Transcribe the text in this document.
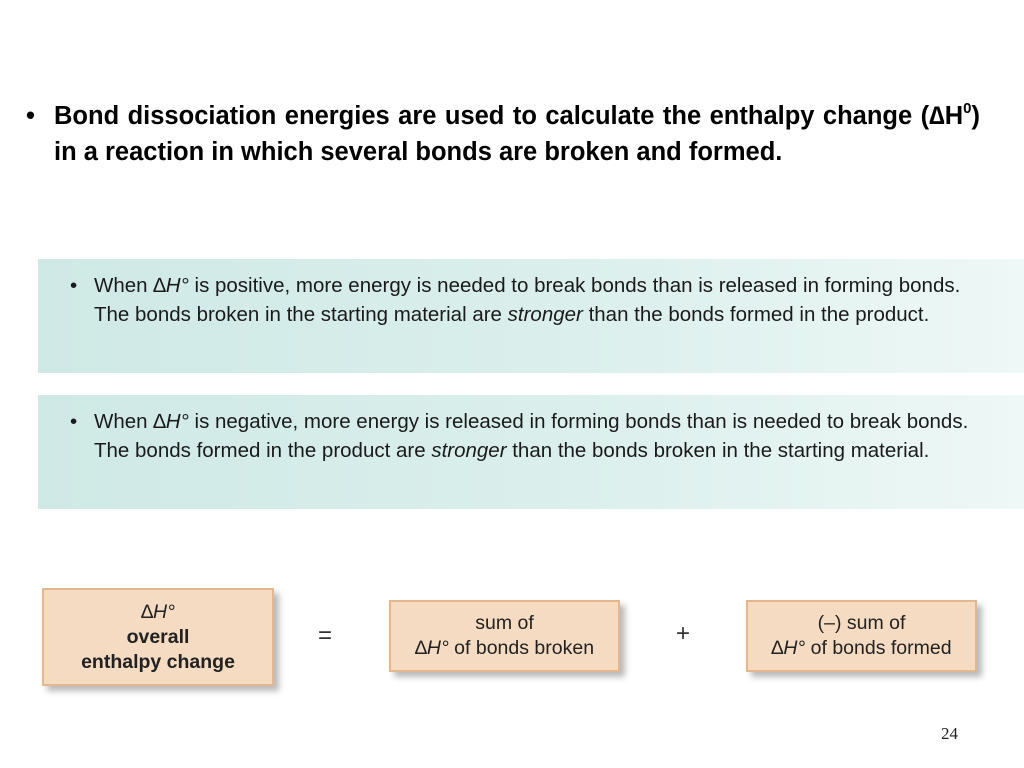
• Bond dissociation energies are used to calculate the enthalpy change $(\Delta H^0)$ in a reaction in which several bonds are broken and formed.
• When ∆H° is positive, more energy is needed to break bonds than is released in forming bonds. The bonds broken in the starting material are stronger than the bonds formed in the product.
• When ∆H° is negative, more energy is released in forming bonds than is needed to break bonds. The bonds formed in the product are stronger than the bonds broken in the starting material.
∆H°
overall
enthalpy change
=	sum of
∆H° of bonds broken
+	(–) sum of
∆H° of bonds formed
24
